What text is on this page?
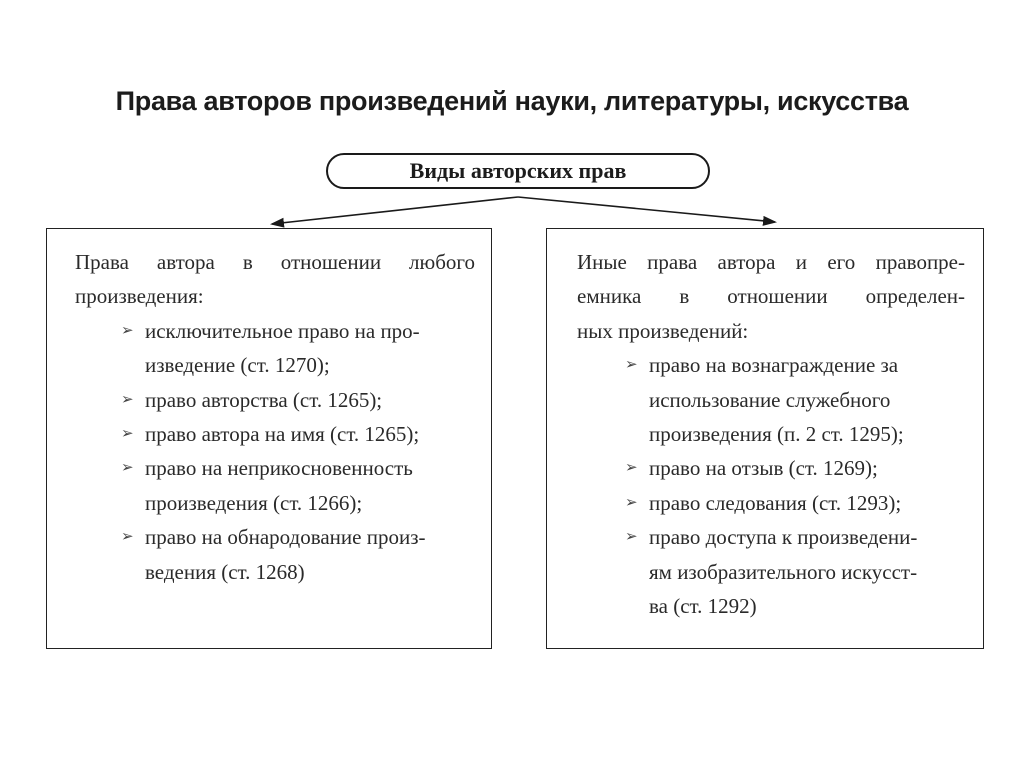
Права авторов произведений науки, литературы, искусства
Виды авторских прав
Права автора в отношении любого
произведения:
➢ исключительное право на про-
изведение (ст. 1270);
➢ право авторства (ст. 1265);
➢ право автора на имя (ст. 1265);
➢ право на неприкосновенность
произведения (ст. 1266);
➢ право на обнародование произ-
ведения (ст. 1268)
Иные права автора и его правопре-
емника в отношении определен-
ных произведений:
➢ право на вознаграждение за
использование служебного
произведения (п. 2 ст. 1295);
➢ право на отзыв (ст. 1269);
➢ право следования (ст. 1293);
➢ право доступа к произведени-
ям изобразительного искусст-
ва (ст. 1292)
